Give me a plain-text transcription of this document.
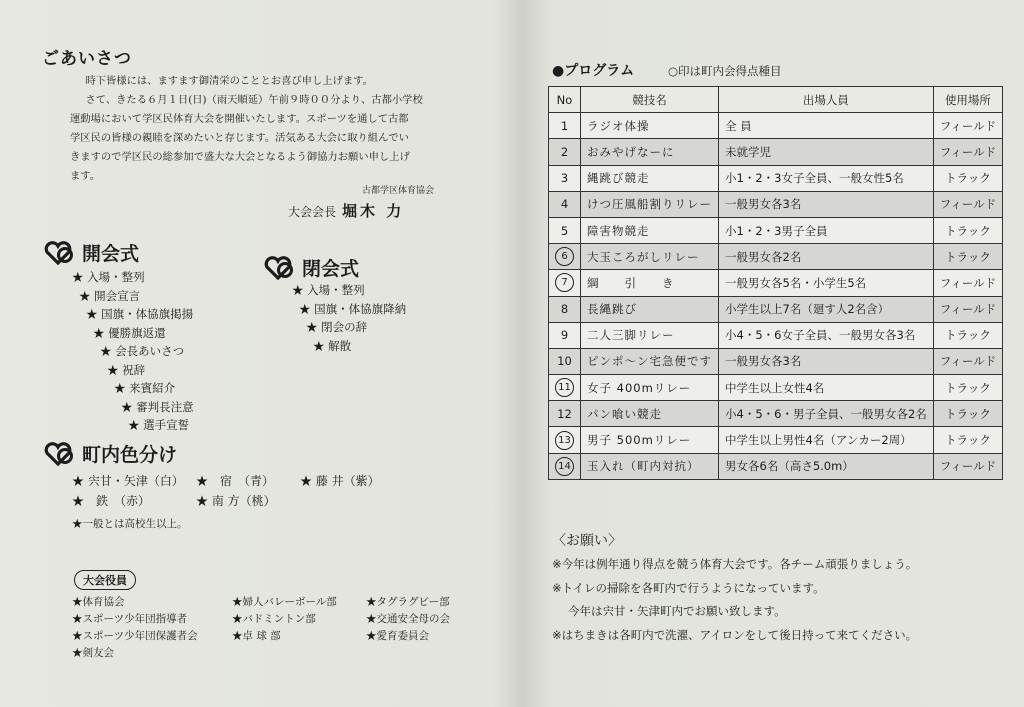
ごあいさつ

時下皆様には、ますます御清栄のこととお喜び申し上げます。

さて、きたる６月１日(日)（雨天順延）午前９時００分より、古都小学校

運動場において学区民体育大会を開催いたします。スポーツを通して古都

学区民の皆様の親睦を深めたいと存じます。活気ある大会に取り組んでい

きますので学区民の総参加で盛大な大会となるよう御協力お願い申し上げ

ます。

古都学区体育協会
大会会長 堀木 力
開会式
★ 入場・整列
★ 開会宣言
★ 国旗・体協旗掲揚
★ 優勝旗返還
★ 会長あいさつ
★ 祝辞
★ 来賓紹介
★ 審判長注意
★ 選手宣誓
閉会式
★ 入場・整列
★ 国旗・体協旗降納
★ 閉会の辞
★ 解散
町内色分け
★ 宍甘・矢津（白）	★　宿　（青）	★ 藤 井（紫）
★　鉄　（赤）	★ 南 方（桃）
★一般とは高校生以上。
大会役員
★体育協会
★スポーツ少年団指導者
★スポーツ少年団保護者会
★剣友会
★婦人バレーボール部
★バドミントン部
★卓 球 部
★タグラグビー部
★交通安全母の会
★愛育委員会
●プログラム	○印は町内会得点種目
No	競技名	出場人員	使用場所
1	ラジオ体操	全 員	フィールド
2	おみやげなーに	未就学児	フィールド
3	縄跳び競走	小1・2・3女子全員、一般女性5名	トラック
4	けつ圧風船割りリレー	一般男女各3名	フィールド
5	障害物競走	小1・2・3男子全員	トラック
6	大玉ころがしリレー	一般男女各2名	トラック
7	綱　　引　　き	一般男女各5名・小学生5名	フィールド
8	長縄跳び	小学生以上7名（廻す人2名含）	フィールド
9	二人三脚リレー	小4・5・6女子全員、一般男女各3名	トラック
10	ピンポ〜ン宅急便です	一般男女各3名	フィールド
11	女子 400mリレー	中学生以上女性4名	トラック
12	パン喰い競走	小4・5・6・男子全員、一般男女各2名	トラック
13	男子 500mリレー	中学生以上男性4名（アンカー2周）	トラック
14	玉入れ（町内対抗）	男女各6名（高さ5.0m）	フィールド
〈お願い〉
※今年は例年通り得点を競う体育大会です。各チーム頑張りましょう。
※トイレの掃除を各町内で行うようになっています。
今年は宍甘・矢津町内でお願い致します。
※はちまきは各町内で洗濯、アイロンをして後日持って来てください。
